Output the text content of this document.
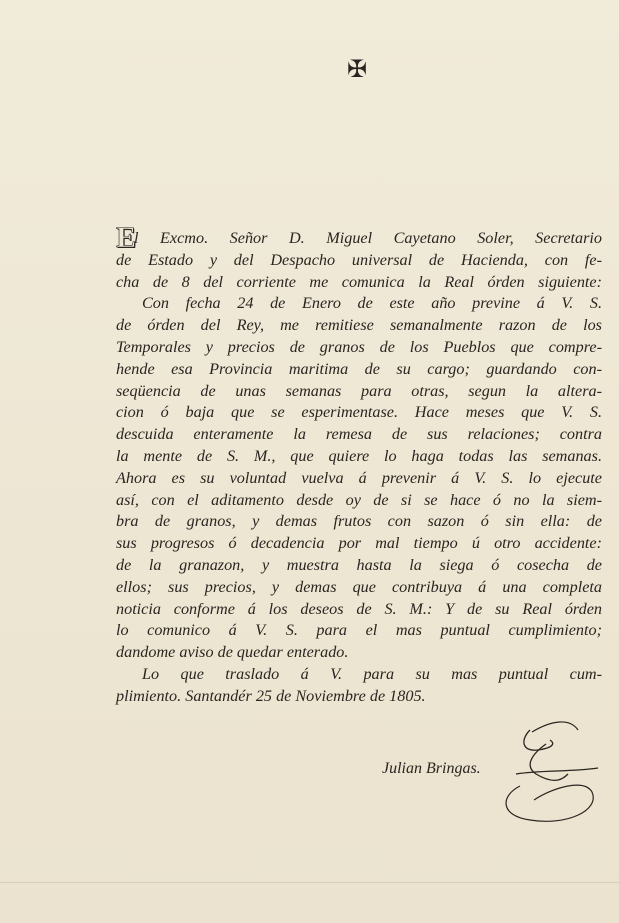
✠
El Excmo. Señor D. Miguel Cayetano Soler, Secretario
de Estado y del Despacho universal de Hacienda, con fe-
cha de 8 del corriente me comunica la Real órden siguiente:
Con fecha 24 de Enero de este año previne á V. S.
de órden del Rey, me remitiese semanalmente razon de los
Temporales y precios de granos de los Pueblos que compre-
hende esa Provincia maritima de su cargo; guardando con-
seqüencia de unas semanas para otras, segun la altera-
cion ó baja que se esperimentase. Hace meses que V. S.
descuida enteramente la remesa de sus relaciones; contra
la mente de S. M., que quiere lo haga todas las semanas.
Ahora es su voluntad vuelva á prevenir á V. S. lo ejecute
así, con el aditamento desde oy de si se hace ó no la siem-
bra de granos, y demas frutos con sazon ó sin ella: de
sus progresos ó decadencia por mal tiempo ú otro accidente:
de la granazon, y muestra hasta la siega ó cosecha de
ellos; sus precios, y demas que contribuya á una completa
noticia conforme á los deseos de S. M.: Y de su Real órden
lo comunico á V. S. para el mas puntual cumplimiento;
dandome aviso de quedar enterado.
Lo que traslado á V. para su mas puntual cum-
plimiento. Santandér 25 de Noviembre de 1805.
Julian Bringas.
